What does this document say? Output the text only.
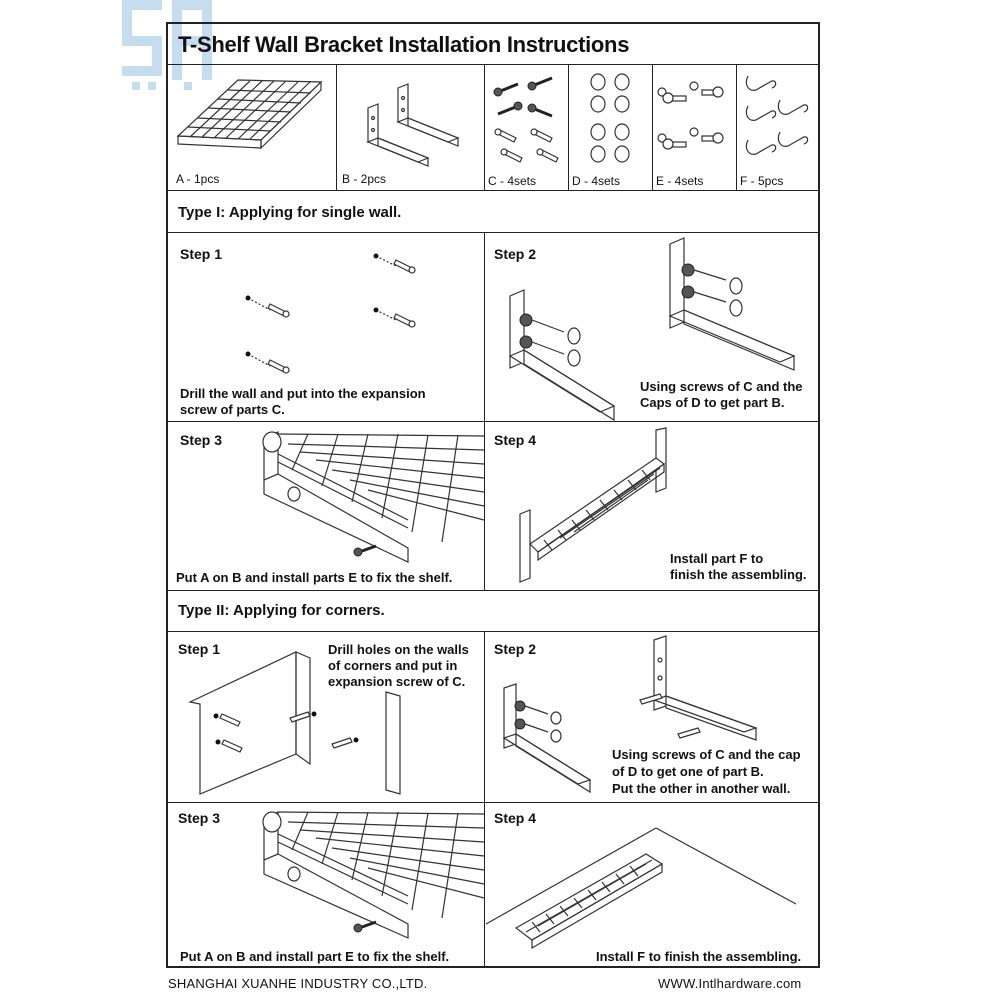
T-Shelf Wall Bracket Installation Instructions
A - 1pcs	B - 2pcs	C - 4sets	D - 4sets	E - 4sets	F - 5pcs
Type I: Applying for single wall.
Step 1
Drill the wall and put into the expansion
screw of parts C.
Step 2
Using screws of C and the
Caps of D to get part B.
Step 3
Put A on B and install parts E to fix the shelf.
Step 4
Install part F to
finish the assembling.
Type II: Applying for corners.
Step 1	Drill holes on the walls
of corners and put in
expansion screw of C.
Step 2
Using screws of C and the cap
of D to get one of part B.
Put the other in another wall.
Step 3
Put A on B and install part E to fix the shelf.
Step 4
Install F to finish the assembling.
SHANGHAI XUANHE INDUSTRY CO.,LTD.	WWW.Intlhardware.com
